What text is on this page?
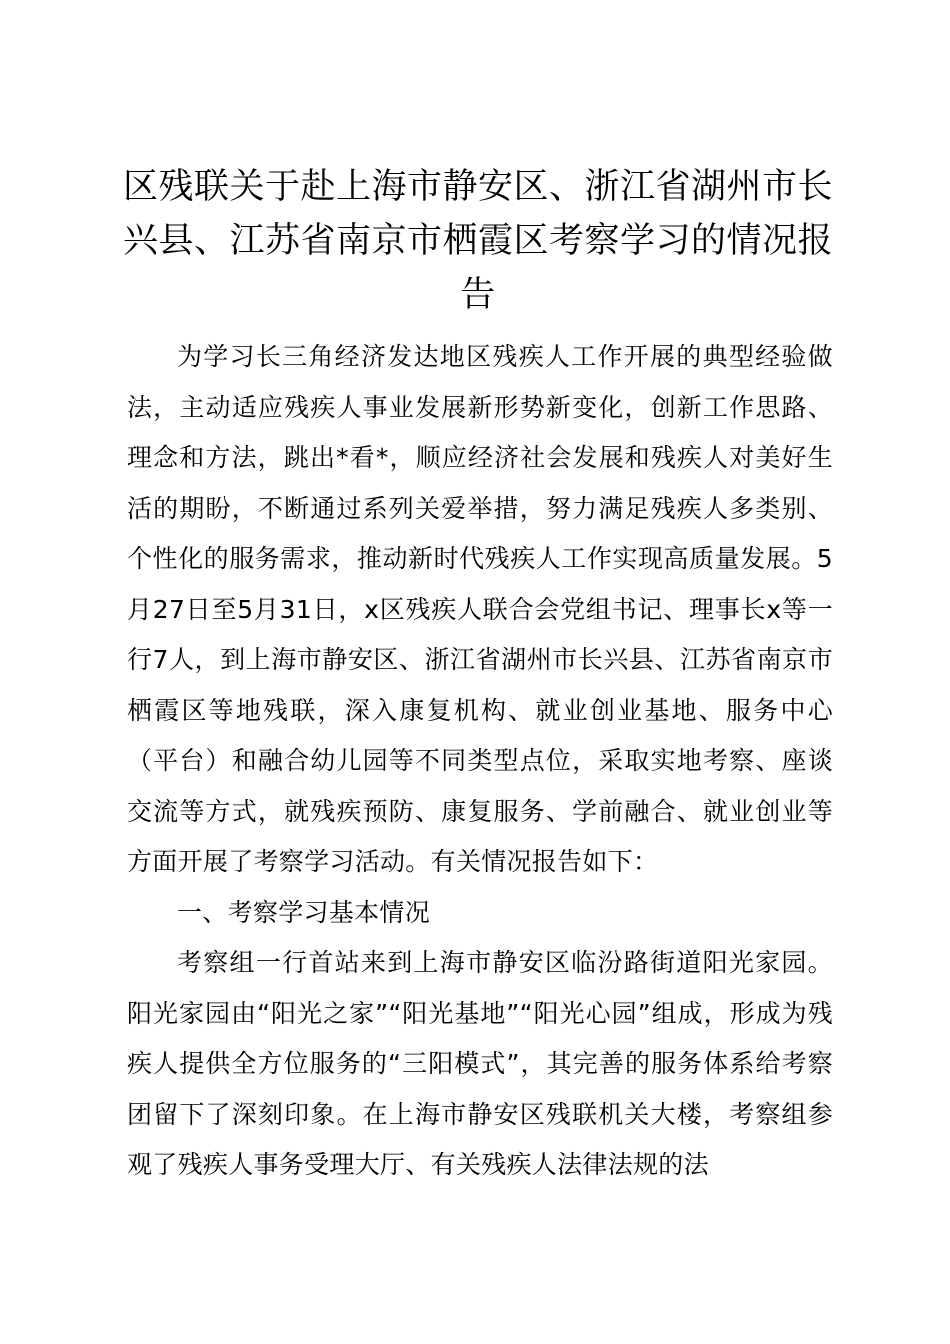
区残联关于赴上海市静安区、浙江省湖州市长兴县、江苏省南京市栖霞区考察学习的情况报告

为学习长三角经济发达地区残疾人工作开展的典型经验做法，主动适应残疾人事业发展新形势新变化，创新工作思路、理念和方法，跳出*看*，顺应经济社会发展和残疾人对美好生活的期盼，不断通过系列关爱举措，努力满足残疾人多类别、个性化的服务需求，推动新时代残疾人工作实现高质量发展。5月27日至5月31日，x区残疾人联合会党组书记、理事长x等一行7人，到上海市静安区、浙江省湖州市长兴县、江苏省南京市栖霞区等地残联，深入康复机构、就业创业基地、服务中心（平台）和融合幼儿园等不同类型点位，采取实地考察、座谈交流等方式，就残疾预防、康复服务、学前融合、就业创业等方面开展了考察学习活动。有关情况报告如下：

一、考察学习基本情况

考察组一行首站来到上海市静安区临汾路街道阳光家园。阳光家园由“阳光之家”“阳光基地”“阳光心园”组成，形成为残疾人提供全方位服务的“三阳模式”，其完善的服务体系给考察团留下了深刻印象。在上海市静安区残联机关大楼，考察组参观了残疾人事务受理大厅、有关残疾人法律法规的法
